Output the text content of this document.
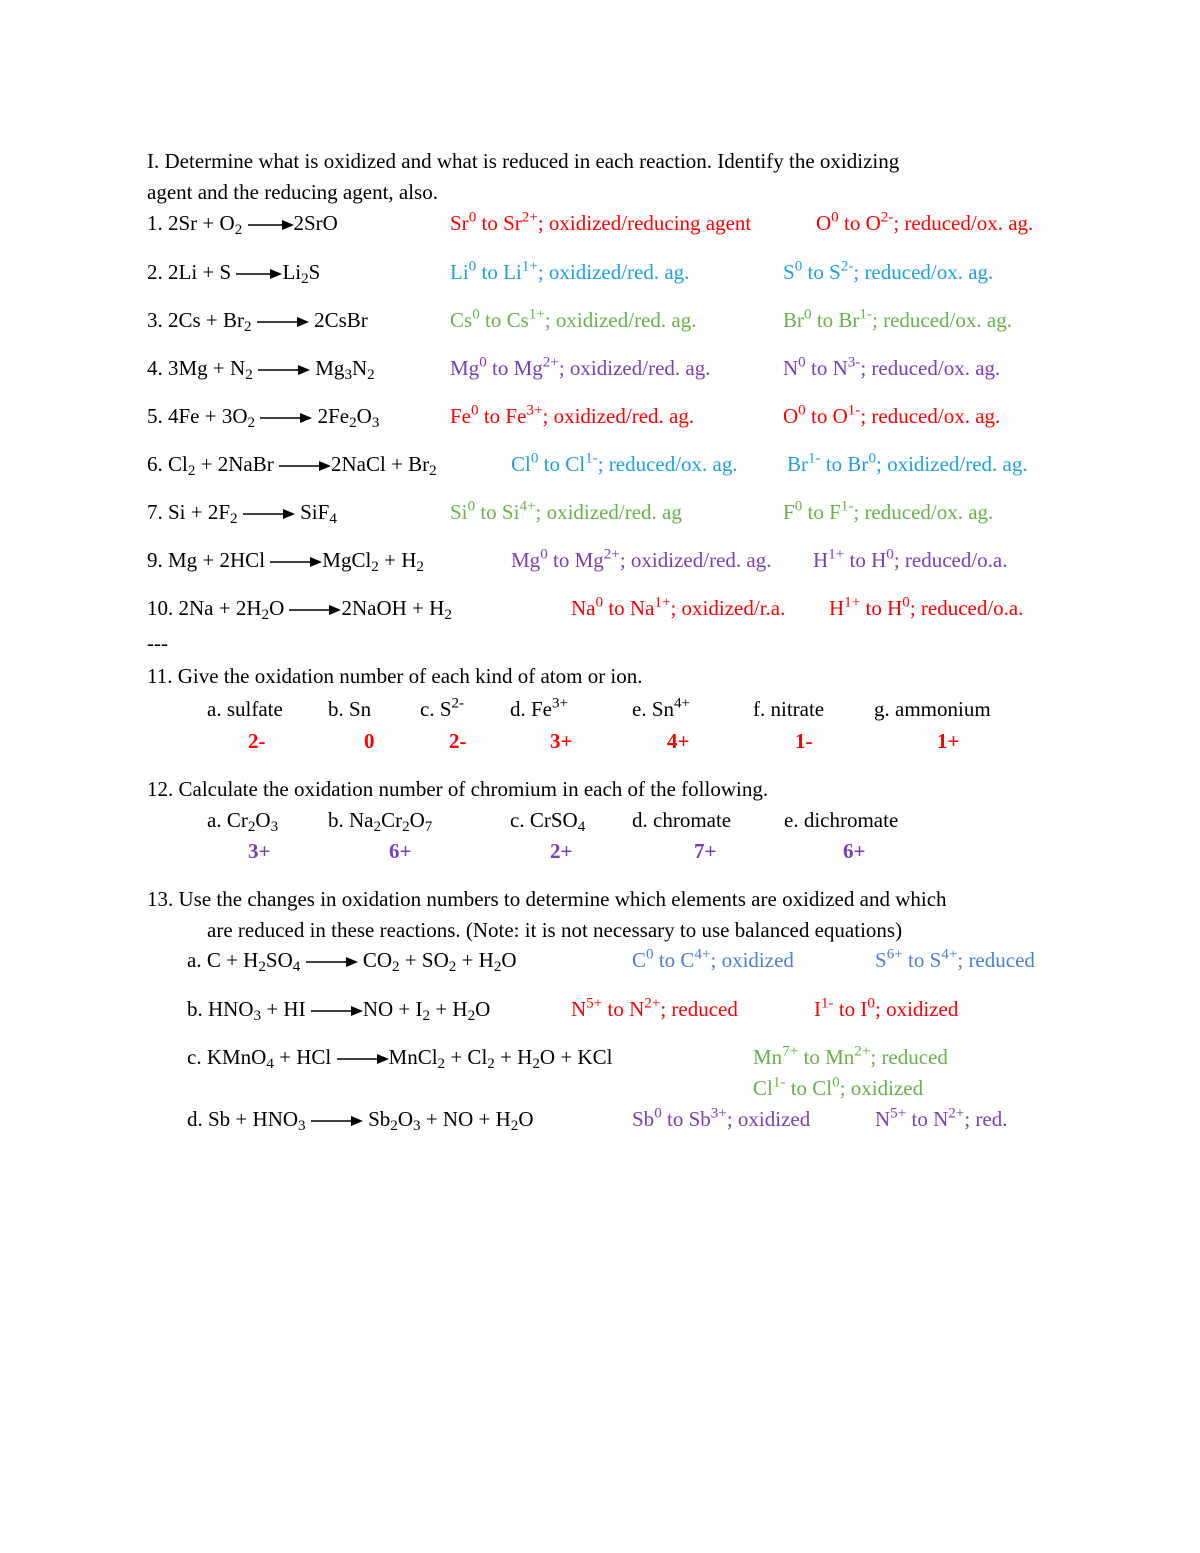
I. Determine what is oxidized and what is reduced in each reaction. Identify the oxidizing
agent and the reducing agent, also.
1. $2Sr + O_2 \to 2SrO$	Sr$^0$ to $Sr^{2+}$; oxidized/reducing agent	$O^0$ to $O^{2-}$; reduced/ox. ag.
2. $2Li + S \to Li_2S$	Li$^0$ to $Li^{1+}$; oxidized/red. ag.	$S^0$ to $S^{2-}$; reduced/ox. ag.
3. $2Cs + Br_2$ → 2CsBr	Cs$^0$ to $Cs^{1+}$; oxidized/red. ag.	Br$^0$ to $Br^{1-}$; reduced/ox. ag.
4. $3Mg + N_2 \to Mg_3N_2$	Mg$^0$ to $Mg^{2+}$; oxidized/red. ag.	$N^0$ to $N^{3-}$; reduced/ox. ag.
5. $4Fe + 3O_2 \to 2Fe_2O_3$	Fe$^0$ to $Fe^{3+}$; oxidized/red. ag.	$O^0$ to $O^{1-}$; reduced/ox. ag.
6. $Cl_2$ + 2NaBr →2NaCl + $Br_2$	Cl$^0$ to $Cl^{1-}$; reduced/ox. ag. $Br^{1-}$ to Br$^0$; oxidized/red. ag.
7. $Si + 2F_2 \to SiF_4$	Si$^0$ to $Si^{4+}$; oxidized/red. ag	$F^0$ to $F^{1-}$; reduced/ox. ag.
9. Mg + 2HCl →MgCl$_2$ + $H_2$	Mg$^0$ to $Mg^{2+}$; oxidized/red. ag. $H^{1+}$ to $H^0$; reduced/o.a.
10. $2Na + 2H_2O$ →2NaOH + $H_2$	Na$^0$ to $Na^{1+}$; oxidized/r.a. $H^{1+}$ to $H^0$; reduced/o.a.
---
11. Give the oxidation number of each kind of atom or ion.
a. sulfate b. Sn c. $S^{2-}$ d. $Fe^{3+}$	e. $Sn^{4+}$	f. nitrate g. ammonium
2-	0	2-	3+	4+	1-	1+
12. Calculate the oxidation number of chromium in each of the following.
a. $Cr_2O_3$ b. $Na_2Cr_2O_7$	c. CrSO$_4$ d. chromate	e. dichromate
3+	6+	2+	7+	6+
13. Use the changes in oxidation numbers to determine which elements are oxidized and which
are reduced in these reactions. (Note: it is not necessary to use balanced equations)
a. $C + H_2SO_4 \to CO_2 + SO_2 + H_2O$	$C^0$ to $C^{4+}$; oxidized	$S^{6+}$ to $S^{4+}$; reduced
b. $HNO_3$ + HI $\to NO + I_2 + H_2O$	$N^{5+}$ to $N^{2+}$; reduced	$I^{1-}$ to $I^0$; oxidized
c. KMnO$_4$ + HCl →MnCl$_2$ + $Cl_2 + H_2O$ + KCl	$Mn^{7+}$ to $Mn^{2+}$; reduced
$Cl^{1-}$ to Cl$^0$; oxidized
d. $Sb + HNO_3 \to Sb_2O_3$ + NO + $H_2O$	Sb$^0$ to $Sb^{3+}$; oxidized	$N^{5+}$ to $N^{2+}$; red.
